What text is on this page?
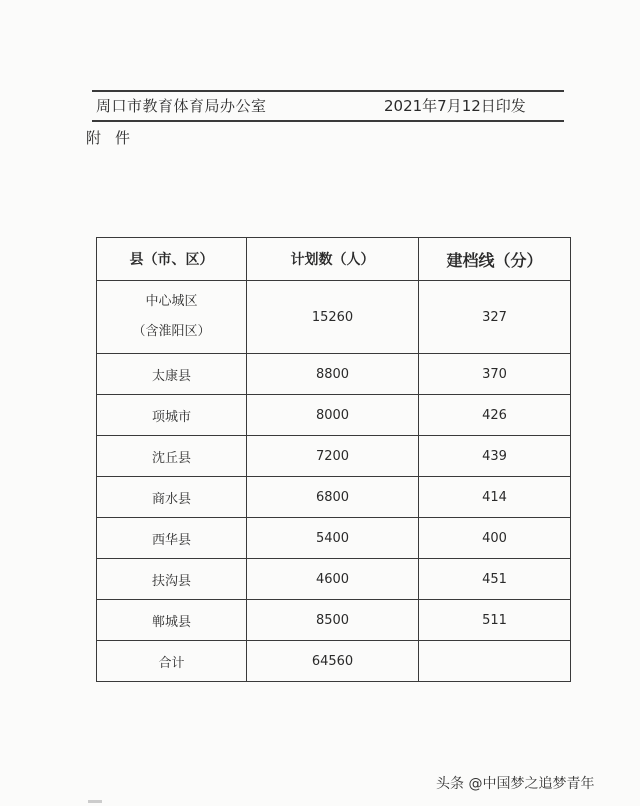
周口市教育体育局办公室	2021年7月12日印发
附件
县（市、区）	计划数（人）	建档线（分）

中心城区
（含淮阳区）	15260	327
太康县	8800	370
项城市	8000	426
沈丘县	7200	439
商水县	6800	414
西华县	5400	400
扶沟县	4600	451
郸城县	8500	511
合计	64560	
头条 @中国梦之追梦青年
